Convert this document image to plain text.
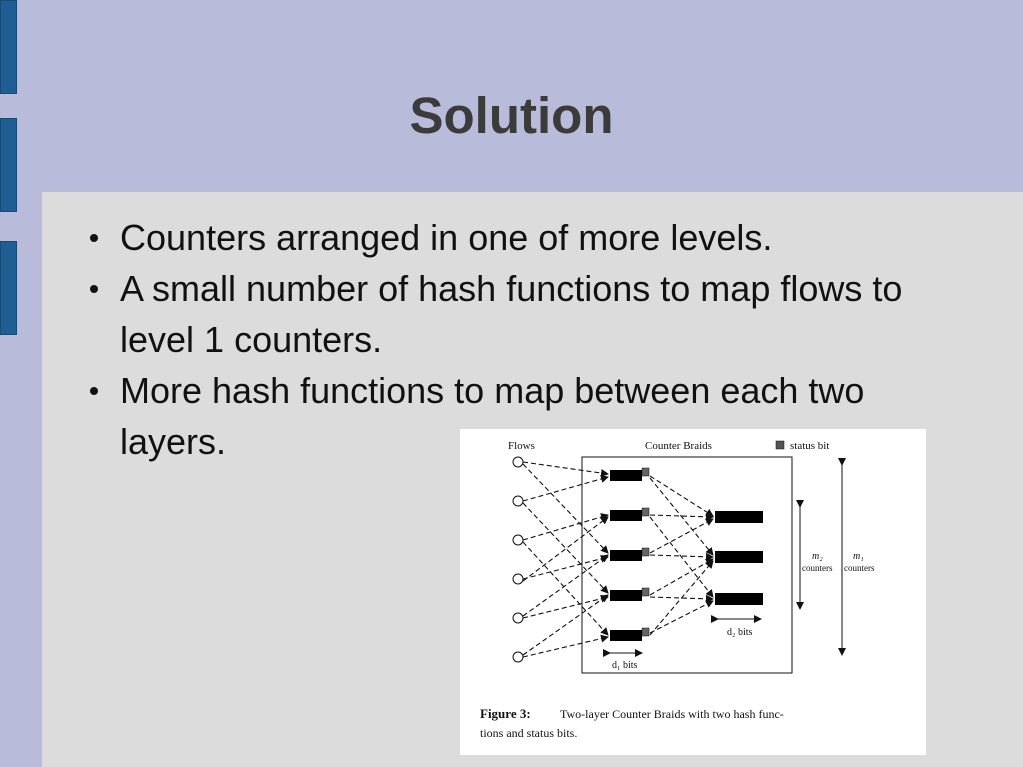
Solution
Counters arranged in one of more levels.
A small number of hash functions to map flows to level 1 counters.
More hash functions to map between each two layers.	Flows	Counter Braids	status bit
m₂
counters
m₁
counters
d₂ bits
d₁ bits
Figure 3: Two-layer Counter Braids with two hash func-
tions and status bits.
